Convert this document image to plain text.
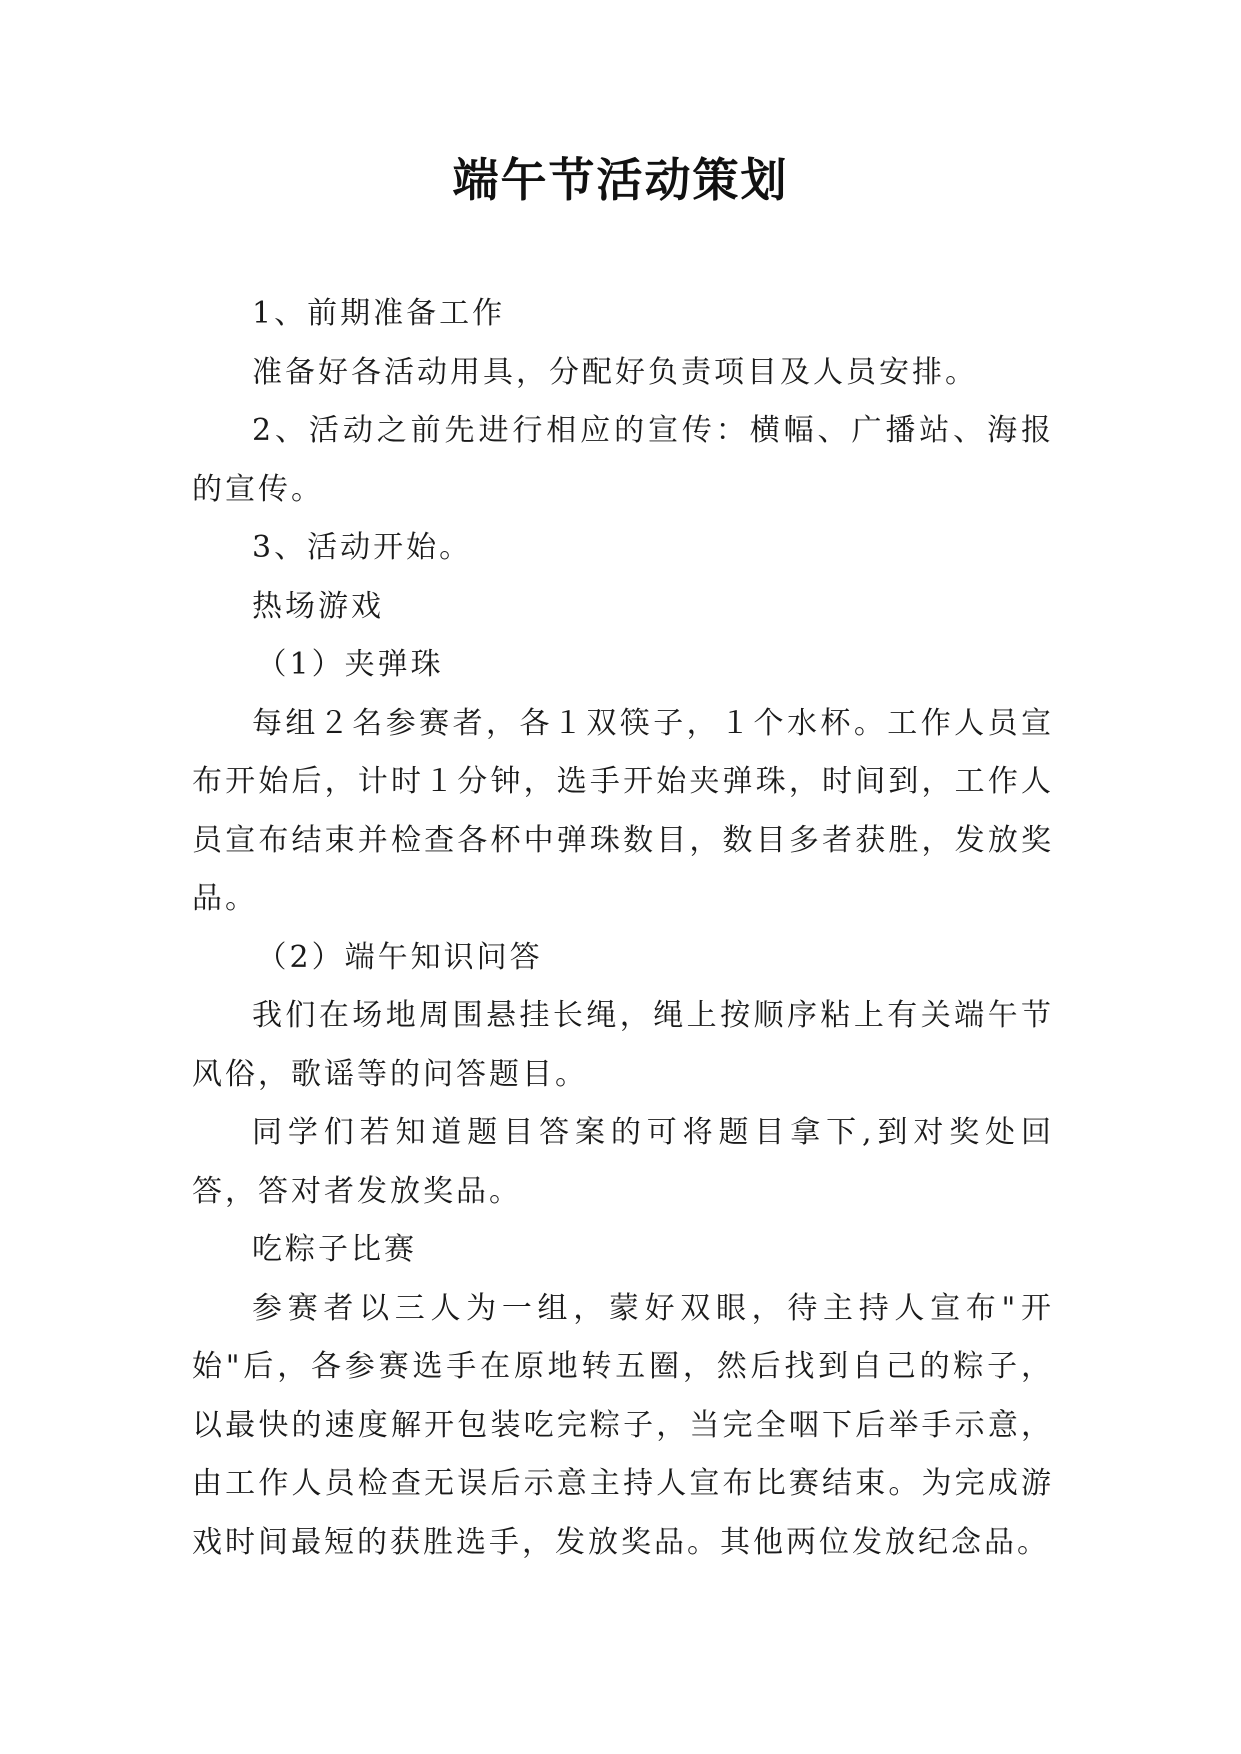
端午节活动策划

1、前期准备工作

准备好各活动用具，分配好负责项目及人员安排。

2、活动之前先进行相应的宣传：横幅、广播站、海报的宣传。

3、活动开始。

热场游戏

（1）夹弹珠

每组２名参赛者，各１双筷子，１个水杯。工作人员宣布开始后，计时１分钟，选手开始夹弹珠，时间到，工作人员宣布结束并检查各杯中弹珠数目，数目多者获胜，发放奖品。

（2）端午知识问答

我们在场地周围悬挂长绳，绳上按顺序粘上有关端午节风俗，歌谣等的问答题目。

同学们若知道题目答案的可将题目拿下,到对奖处回答，答对者发放奖品。

吃粽子比赛

参赛者以三人为一组，蒙好双眼，待主持人宣布"开始"后，各参赛选手在原地转五圈，然后找到自己的粽子，以最快的速度解开包装吃完粽子，当完全咽下后举手示意，由工作人员检查无误后示意主持人宣布比赛结束。为完成游戏时间最短的获胜选手，发放奖品。其他两位发放纪念品。
